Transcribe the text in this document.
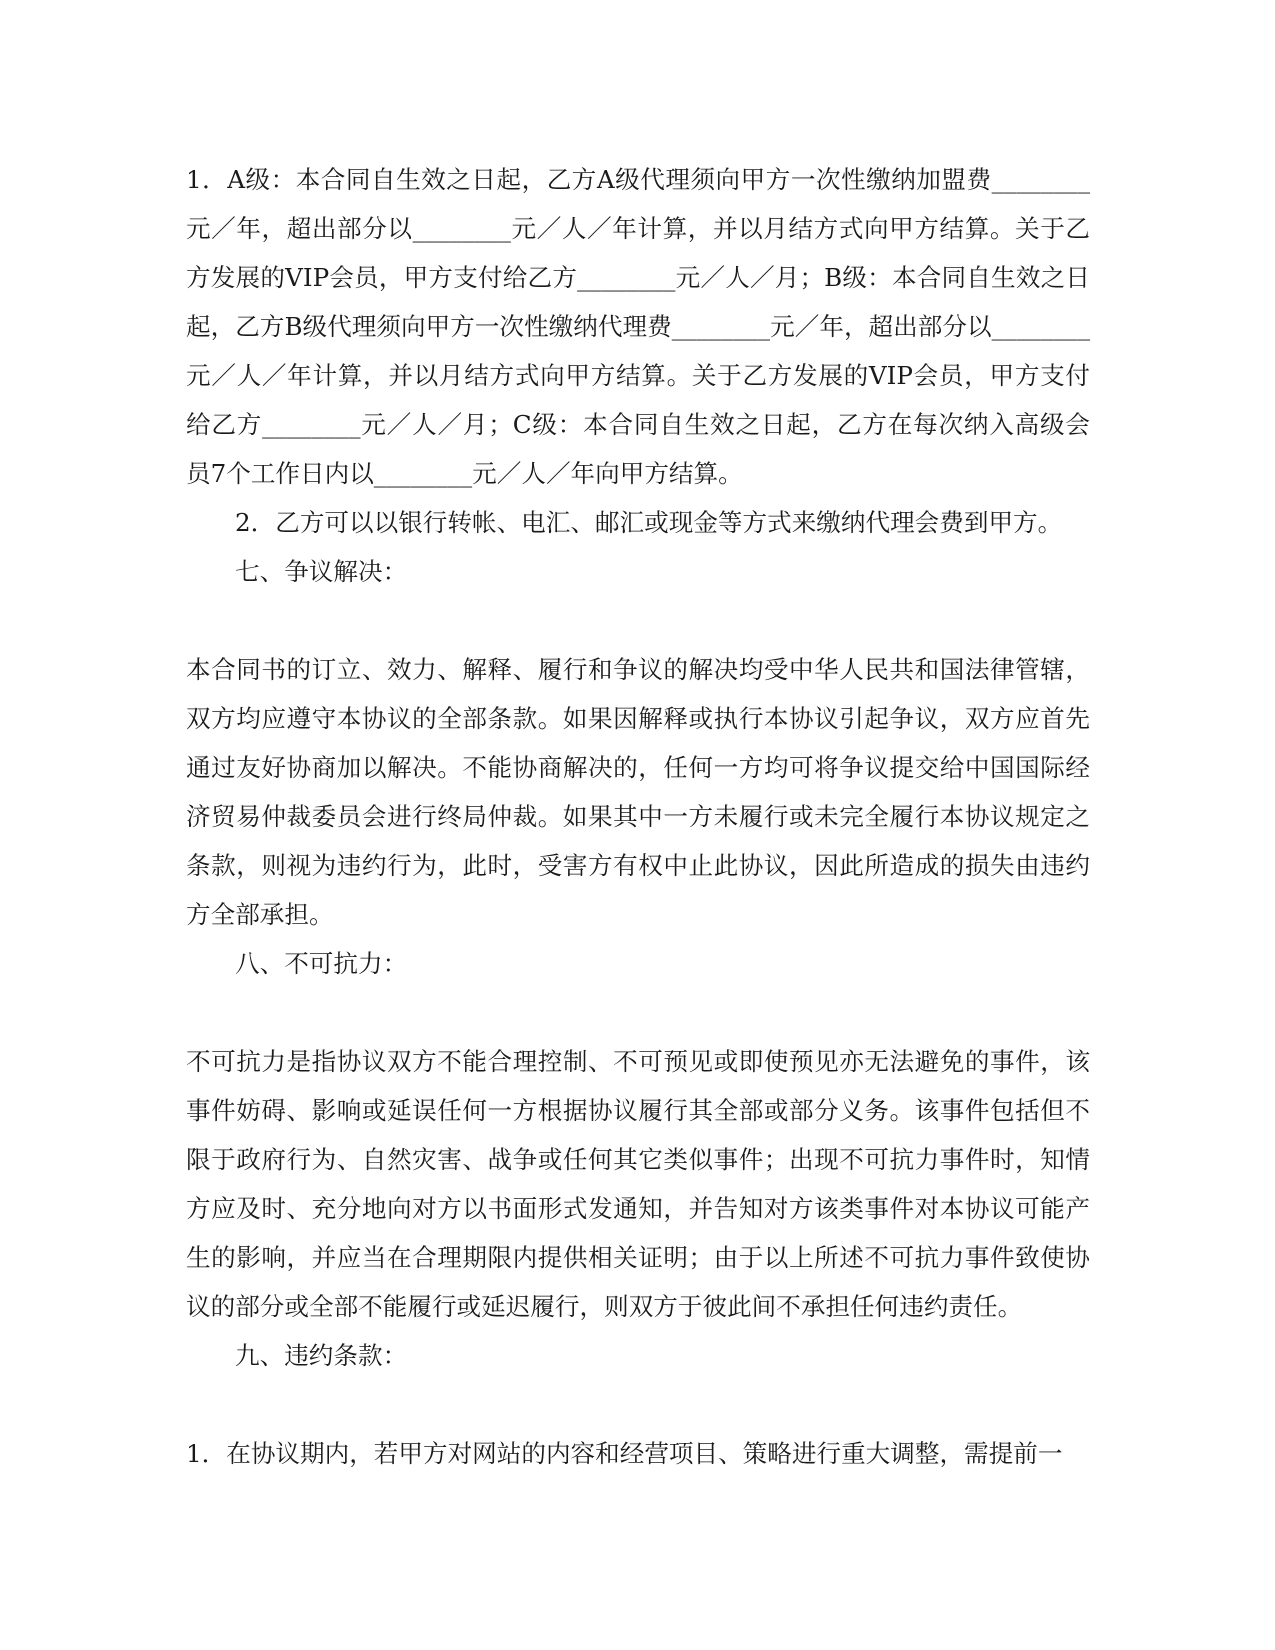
1．A级：本合同自生效之日起，乙方A级代理须向甲方一次性缴纳加盟费________元／年，超出部分以________元／人／年计算，并以月结方式向甲方结算。关于乙方发展的VIP会员，甲方支付给乙方________元／人／月；B级：本合同自生效之日起，乙方B级代理须向甲方一次性缴纳代理费________元／年，超出部分以________元／人／年计算，并以月结方式向甲方结算。关于乙方发展的VIP会员，甲方支付给乙方________元／人／月；C级：本合同自生效之日起，乙方在每次纳入高级会员7个工作日内以________元／人／年向甲方结算。

2．乙方可以以银行转帐、电汇、邮汇或现金等方式来缴纳代理会费到甲方。

七、争议解决：

本合同书的订立、效力、解释、履行和争议的解决均受中华人民共和国法律管辖，双方均应遵守本协议的全部条款。如果因解释或执行本协议引起争议，双方应首先通过友好协商加以解决。不能协商解决的，任何一方均可将争议提交给中国国际经济贸易仲裁委员会进行终局仲裁。如果其中一方未履行或未完全履行本协议规定之条款，则视为违约行为，此时，受害方有权中止此协议，因此所造成的损失由违约方全部承担。

八、不可抗力：

不可抗力是指协议双方不能合理控制、不可预见或即使预见亦无法避免的事件，该事件妨碍、影响或延误任何一方根据协议履行其全部或部分义务。该事件包括但不限于政府行为、自然灾害、战争或任何其它类似事件；出现不可抗力事件时，知情方应及时、充分地向对方以书面形式发通知，并告知对方该类事件对本协议可能产生的影响，并应当在合理期限内提供相关证明；由于以上所述不可抗力事件致使协议的部分或全部不能履行或延迟履行，则双方于彼此间不承担任何违约责任。

九、违约条款：

1．在协议期内，若甲方对网站的内容和经营项目、策略进行重大调整，需提前一
